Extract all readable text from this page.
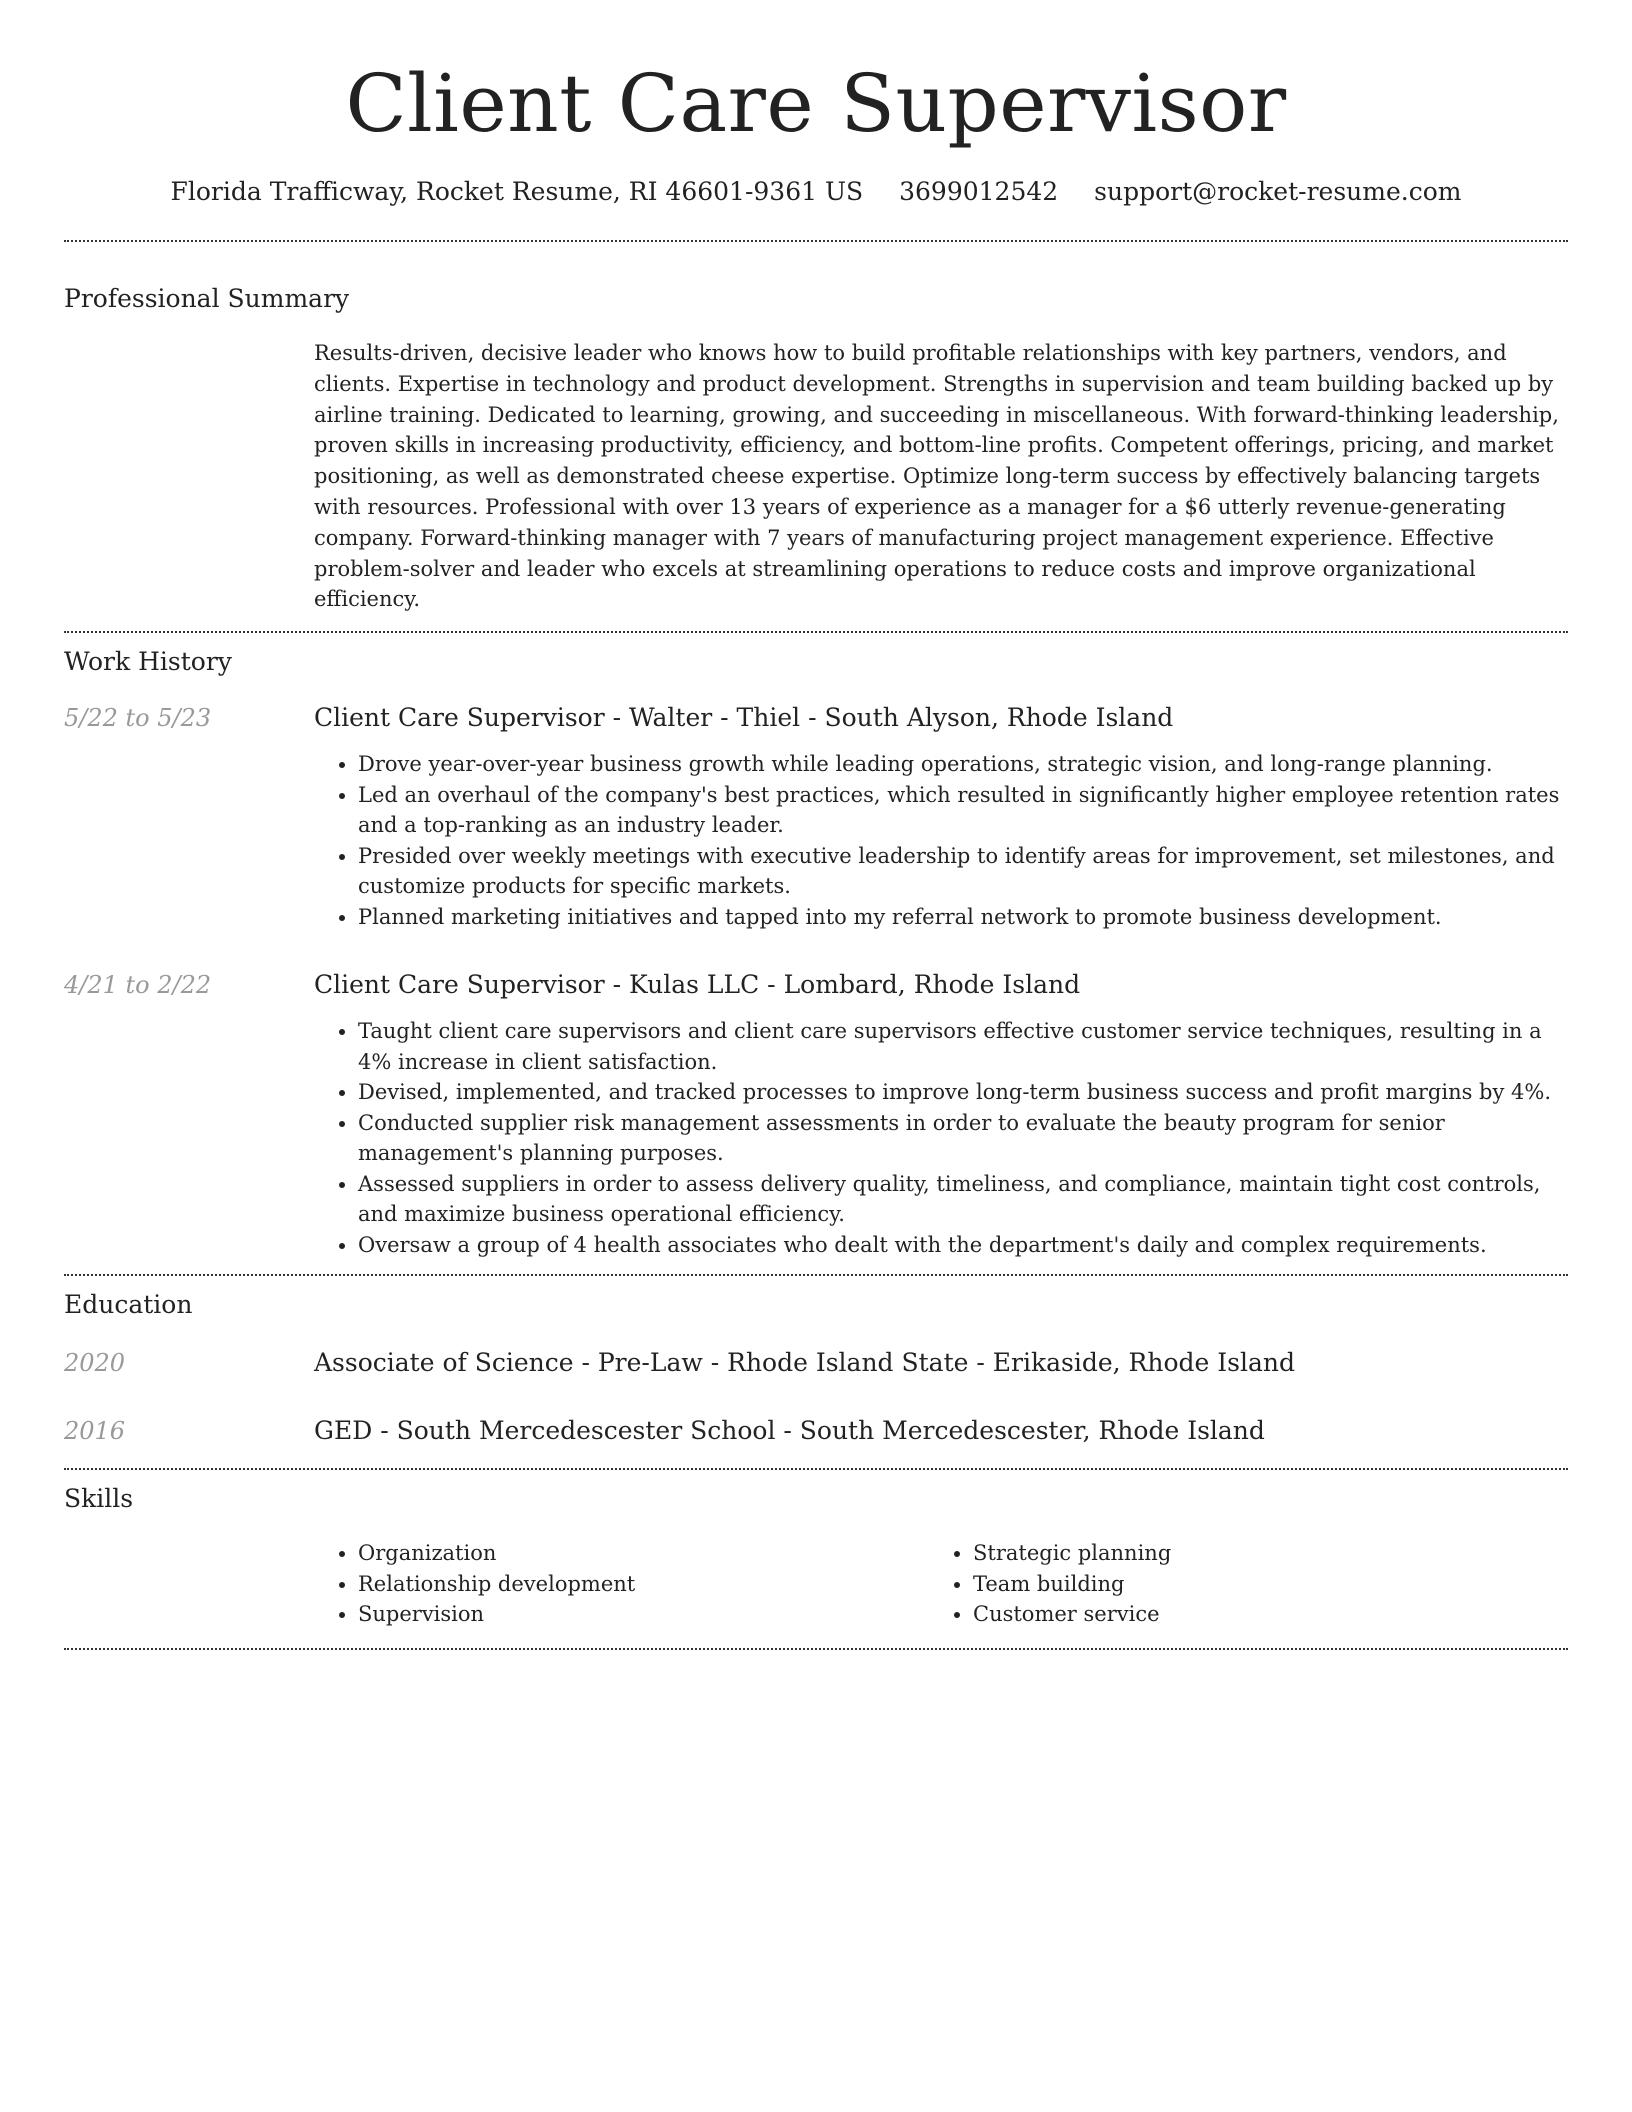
Client Care Supervisor
Florida Trafficway, Rocket Resume, RI 46601-9361 US 3699012542 support@rocket-resume.com
Professional Summary
Results-driven, decisive leader who knows how to build profitable relationships with key partners, vendors, and clients. Expertise in technology and product development. Strengths in supervision and team building backed up by airline training. Dedicated to learning, growing, and succeeding in miscellaneous. With forward-thinking leadership, proven skills in increasing productivity, efficiency, and bottom-line profits. Competent offerings, pricing, and market positioning, as well as demonstrated cheese expertise. Optimize long-term success by effectively balancing targets with resources. Professional with over 13 years of experience as a manager for a $6 utterly revenue-generating company. Forward-thinking manager with 7 years of manufacturing project management experience. Effective problem-solver and leader who excels at streamlining operations to reduce costs and improve organizational efficiency.
Work History
5/22 to 5/23	Client Care Supervisor - Walter - Thiel - South Alyson, Rhode Island
• Drove year-over-year business growth while leading operations, strategic vision, and long-range planning.
• Led an overhaul of the company's best practices, which resulted in significantly higher employee retention rates and a top-ranking as an industry leader.
• Presided over weekly meetings with executive leadership to identify areas for improvement, set milestones, and customize products for specific markets.
• Planned marketing initiatives and tapped into my referral network to promote business development.
4/21 to 2/22	Client Care Supervisor - Kulas LLC - Lombard, Rhode Island
• Taught client care supervisors and client care supervisors effective customer service techniques, resulting in a 4% increase in client satisfaction.
• Devised, implemented, and tracked processes to improve long-term business success and profit margins by 4%.
• Conducted supplier risk management assessments in order to evaluate the beauty program for senior management's planning purposes.
• Assessed suppliers in order to assess delivery quality, timeliness, and compliance, maintain tight cost controls, and maximize business operational efficiency.
• Oversaw a group of 4 health associates who dealt with the department's daily and complex requirements.
Education
2020	Associate of Science - Pre-Law - Rhode Island State - Erikaside, Rhode Island
2016	GED - South Mercedescester School - South Mercedescester, Rhode Island
Skills
• Organization
• Relationship development
• Supervision
• Strategic planning
• Team building
• Customer service
